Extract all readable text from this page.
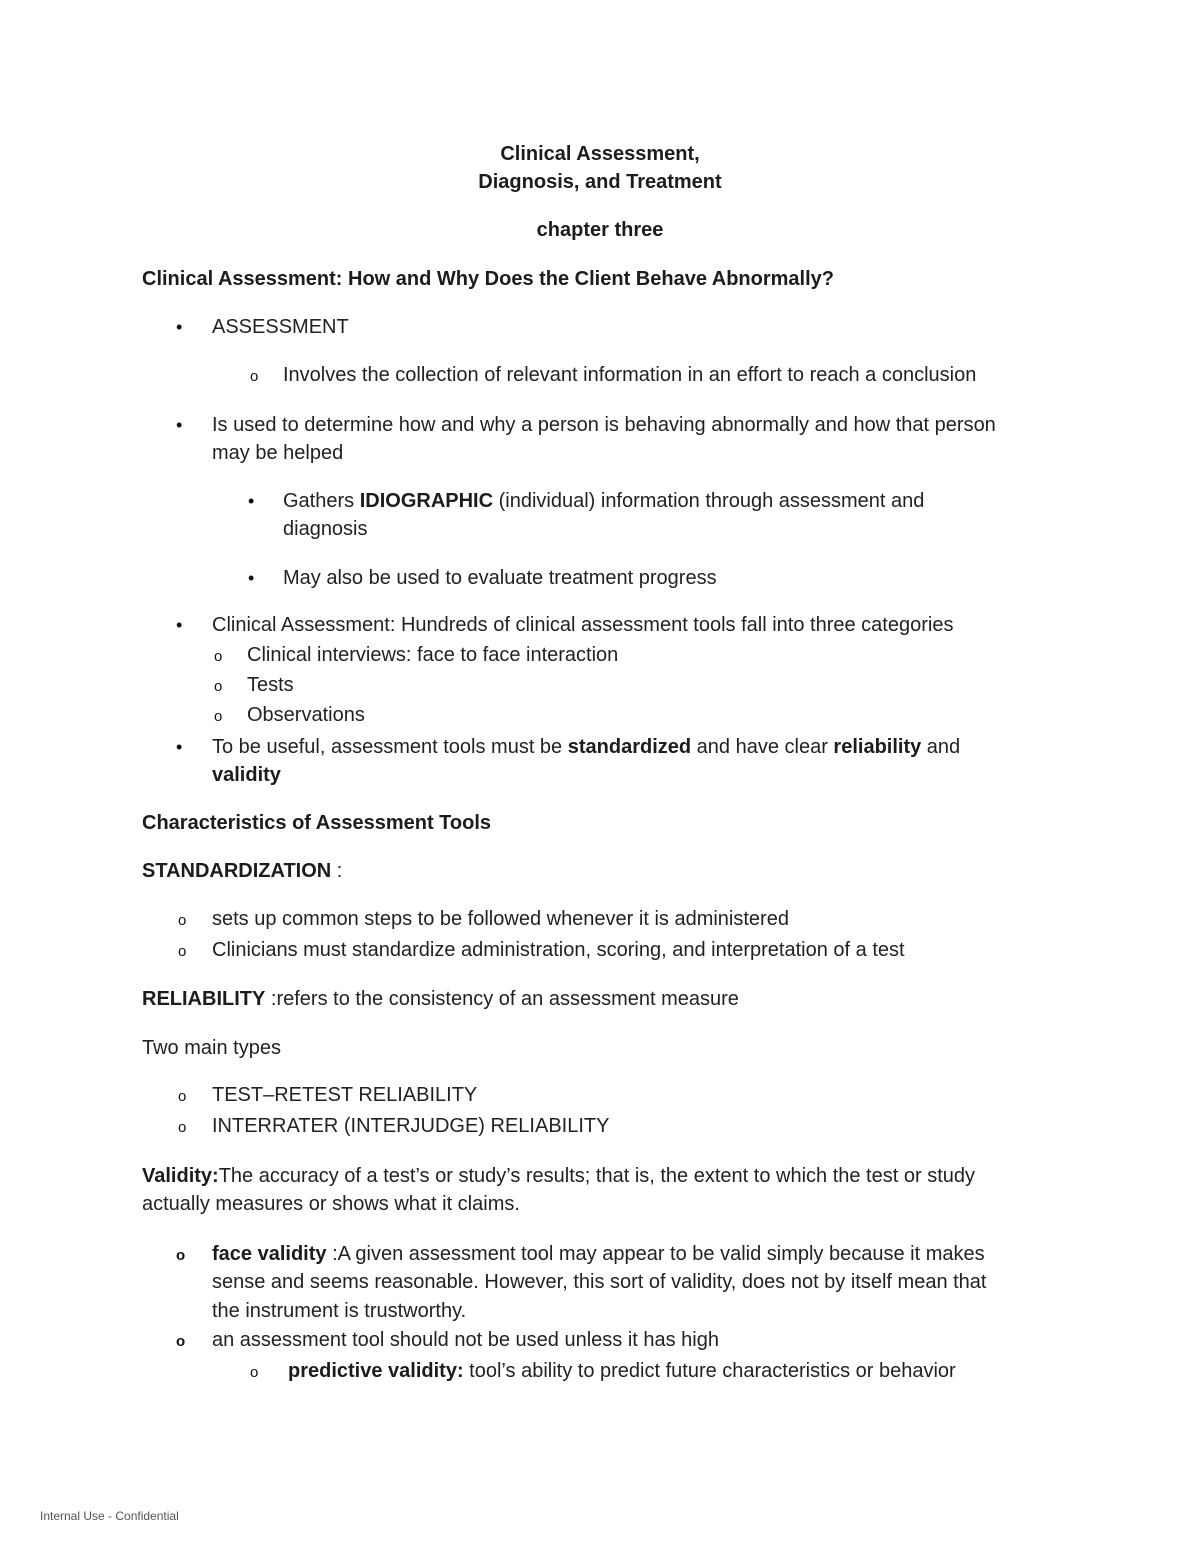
Clinical Assessment,
Diagnosis, and Treatment
chapter three
Clinical Assessment: How and Why Does the Client Behave Abnormally?
• ASSESSMENT
o Involves the collection of relevant information in an effort to reach a conclusion
• Is used to determine how and why a person is behaving abnormally and how that person
may be helped
• Gathers IDIOGRAPHIC (individual) information through assessment and
diagnosis
• May also be used to evaluate treatment progress
• Clinical Assessment: Hundreds of clinical assessment tools fall into three categories
o Clinical interviews: face to face interaction
o Tests
o Observations
• To be useful, assessment tools must be standardized and have clear reliability and
validity
Characteristics of Assessment Tools
STANDARDIZATION :
o sets up common steps to be followed whenever it is administered
o Clinicians must standardize administration, scoring, and interpretation of a test
RELIABILITY :refers to the consistency of an assessment measure
Two main types
o TEST–RETEST RELIABILITY
o INTERRATER (INTERJUDGE) RELIABILITY
Validity:The accuracy of a test’s or study’s results; that is, the extent to which the test or study
actually measures or shows what it claims.
o face validity :A given assessment tool may appear to be valid simply because it makes
sense and seems reasonable. However, this sort of validity, does not by itself mean that
the instrument is trustworthy.
o an assessment tool should not be used unless it has high
o predictive validity: tool’s ability to predict future characteristics or behavior
Internal Use - Confidential
